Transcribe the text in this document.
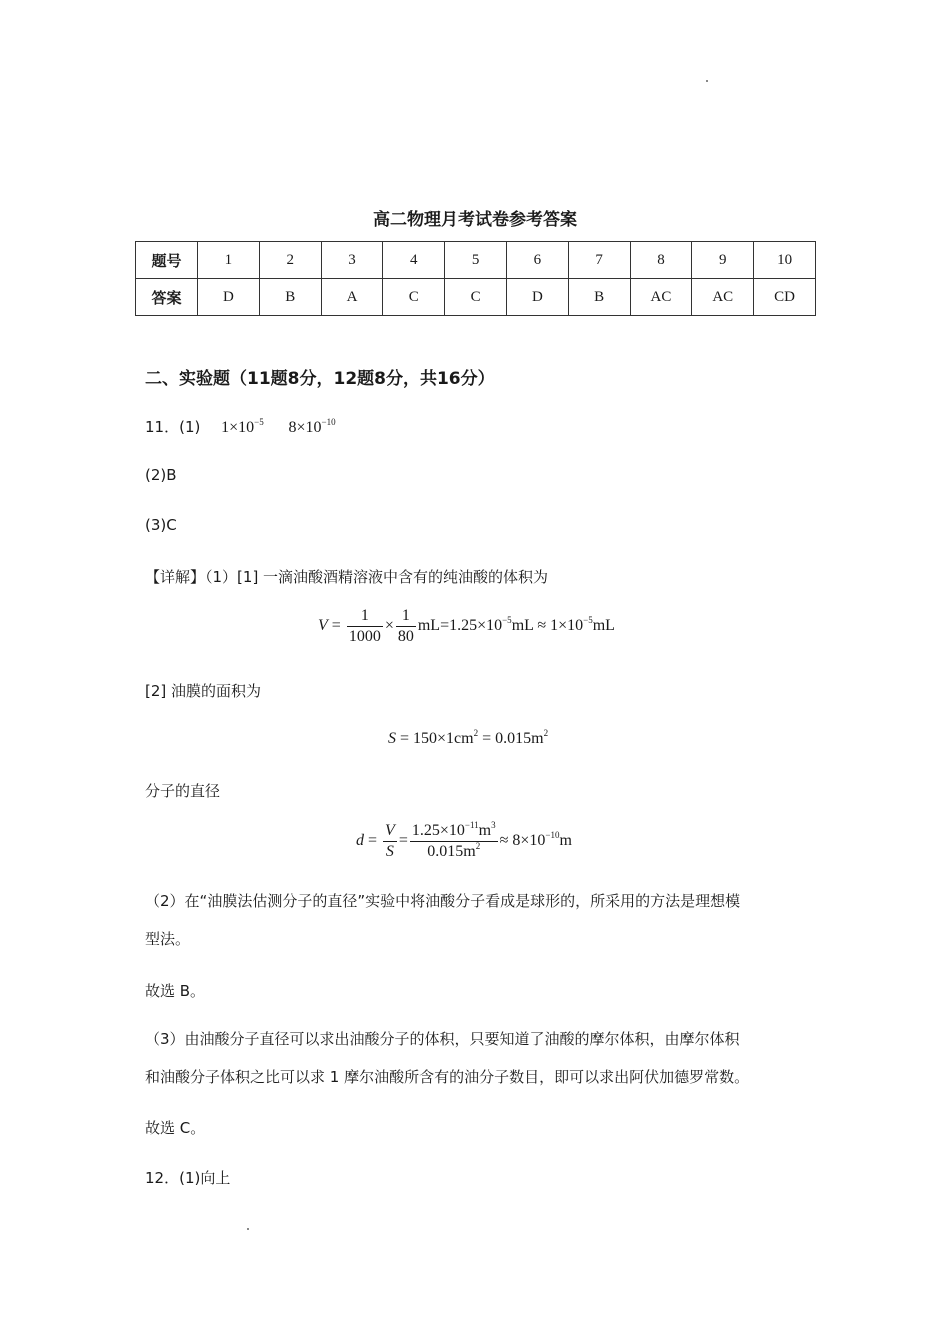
高二物理月考试卷参考答案
题号	1	2	3	4	5	6	7	8	9	10
答案	D	B	A	C	C	D	B	AC	AC	CD
二、实验题（11题8分，12题8分，共16分）
11．(1) $1\times 10^{-5}$ $8\times 10^{-10}$
(2)B
(3)C
【详解】（1）[1] 一滴油酸酒精溶液中含有的纯油酸的体积为
$V = \frac{1}{1000} \times \frac{1}{80} mL=1.25\times 10^{-5}mL \approx 1\times 10^{-5}mL$
[2] 油膜的面积为
$S = 150\times 1cm^2 = 0.015m^2$
分子的直径
$d = \frac{V}{S} = \frac{1.25\times 10^{-11}m^3}{0.015m^2} \approx 8\times 10^{-10}m$
（2）在“油膜法估测分子的直径”实验中将油酸分子看成是球形的，所采用的方法是理想模
型法。
故选 B。
（3）由油酸分子直径可以求出油酸分子的体积，只要知道了油酸的摩尔体积，由摩尔体积
和油酸分子体积之比可以求 1 摩尔油酸所含有的油分子数目，即可以求出阿伏加德罗常数。
故选 C。
12．(1)向上
